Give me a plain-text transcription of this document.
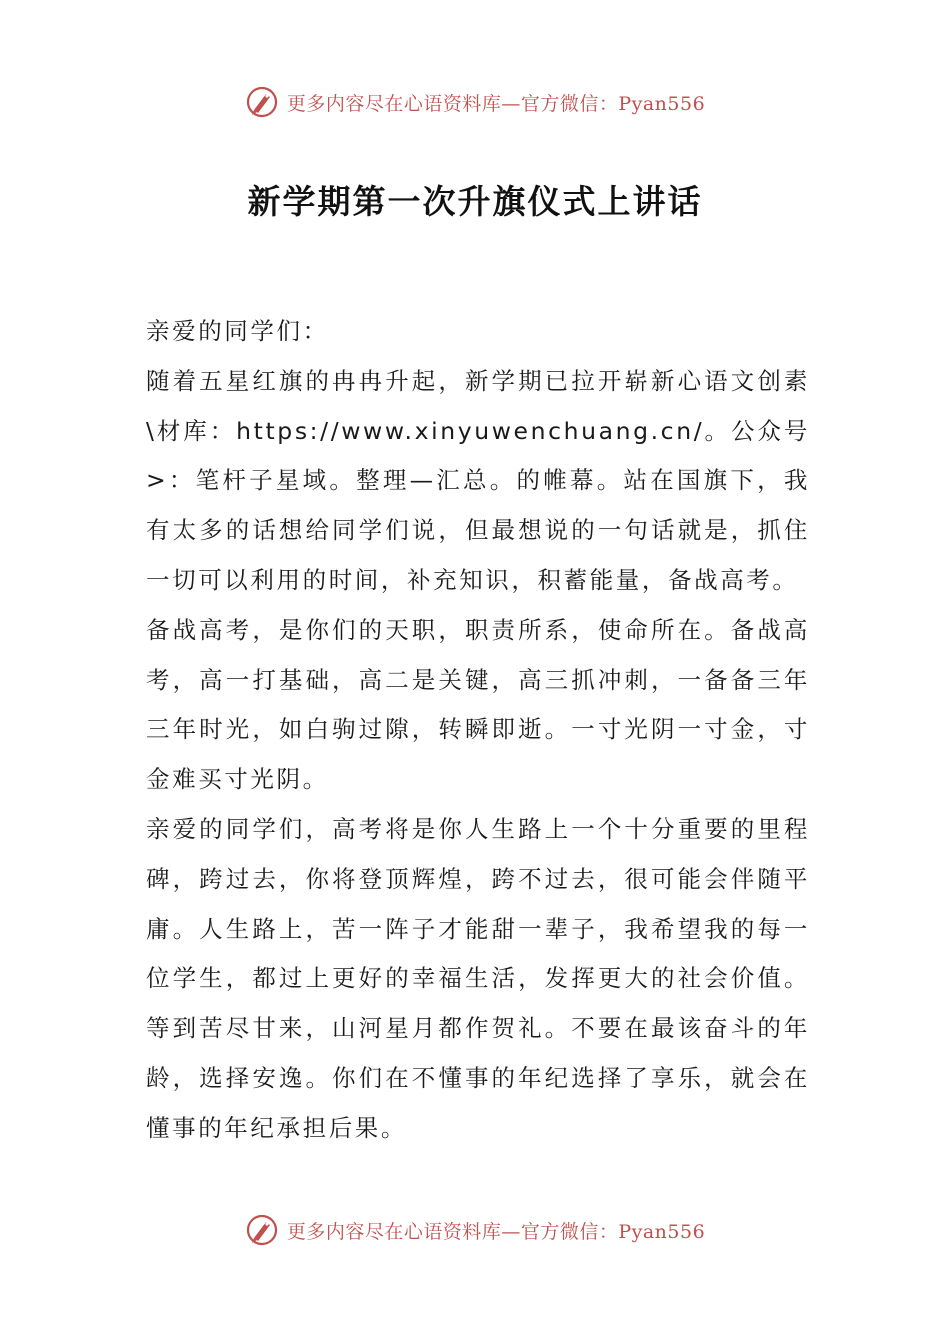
更多内容尽在心语资料库—官方微信：Pyan556
新学期第一次升旗仪式上讲话

亲爱的同学们：

随着五星红旗的冉冉升起，新学期已拉开崭新心语文创素\材库：https://www.xinyuwenchuang.cn/。公众号>：笔杆子星域。整理—汇总。的帷幕。站在国旗下，我有太多的话想给同学们说，但最想说的一句话就是，抓住一切可以利用的时间，补充知识，积蓄能量，备战高考。

备战高考，是你们的天职，职责所系，使命所在。备战高考，高一打基础，高二是关键，高三抓冲刺，一备备三年三年时光，如白驹过隙，转瞬即逝。一寸光阴一寸金，寸金难买寸光阴。

亲爱的同学们，高考将是你人生路上一个十分重要的里程碑，跨过去，你将登顶辉煌，跨不过去，很可能会伴随平庸。人生路上，苦一阵子才能甜一辈子，我希望我的每一位学生，都过上更好的幸福生活，发挥更大的社会价值。等到苦尽甘来，山河星月都作贺礼。不要在最该奋斗的年龄，选择安逸。你们在不懂事的年纪选择了享乐，就会在懂事的年纪承担后果。

更多内容尽在心语资料库—官方微信：Pyan556
